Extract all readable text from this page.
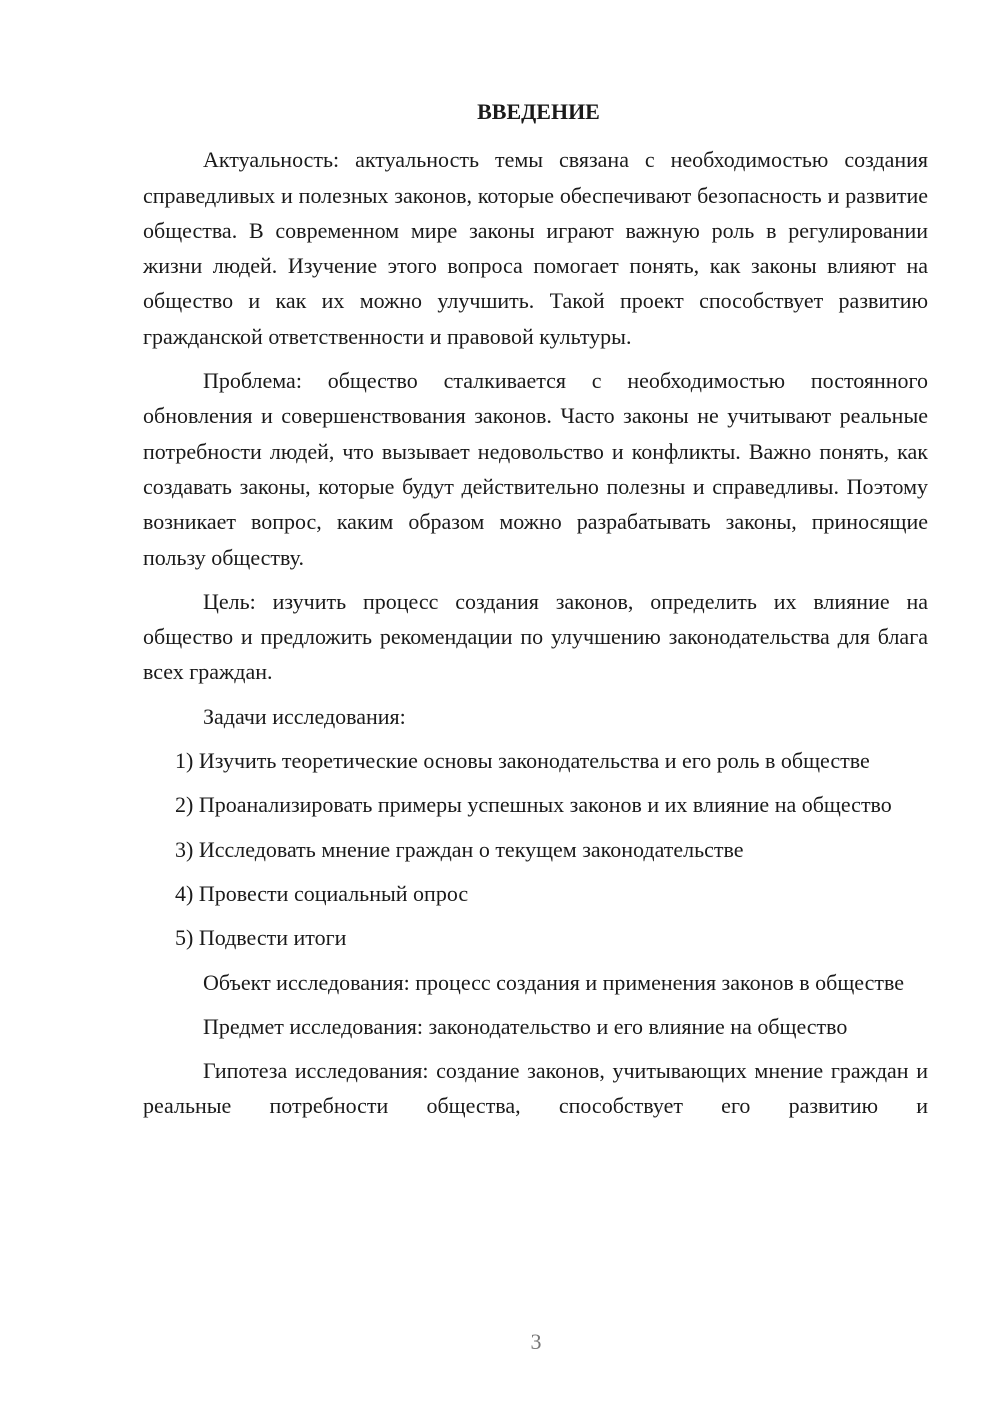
ВВЕДЕНИЕ

Актуальность: актуальность темы связана с необходимостью создания справедливых и полезных законов, которые обеспечивают безопасность и развитие общества. В современном мире законы играют важную роль в регулировании жизни людей. Изучение этого вопроса помогает понять, как законы влияют на общество и как их можно улучшить. Такой проект способствует развитию гражданской ответственности и правовой культуры.

Проблема: общество сталкивается с необходимостью постоянного обновления и совершенствования законов. Часто законы не учитывают реальные потребности людей, что вызывает недовольство и конфликты. Важно понять, как создавать законы, которые будут действительно полезны и справедливы. Поэтому возникает вопрос, каким образом можно разрабатывать законы, приносящие пользу обществу.

Цель: изучить процесс создания законов, определить их влияние на общество и предложить рекомендации по улучшению законодательства для блага всех граждан.

Задачи исследования:

1) Изучить теоретические основы законодательства и его роль в обществе

2) Проанализировать примеры успешных законов и их влияние на общество

3) Исследовать мнение граждан о текущем законодательстве

4) Провести социальный опрос

5) Подвести итоги

Объект исследования: процесс создания и применения законов в обществе

Предмет исследования: законодательство и его влияние на общество

Гипотеза исследования: создание законов, учитывающих мнение граждан и реальные потребности общества, способствует его развитию и

3
